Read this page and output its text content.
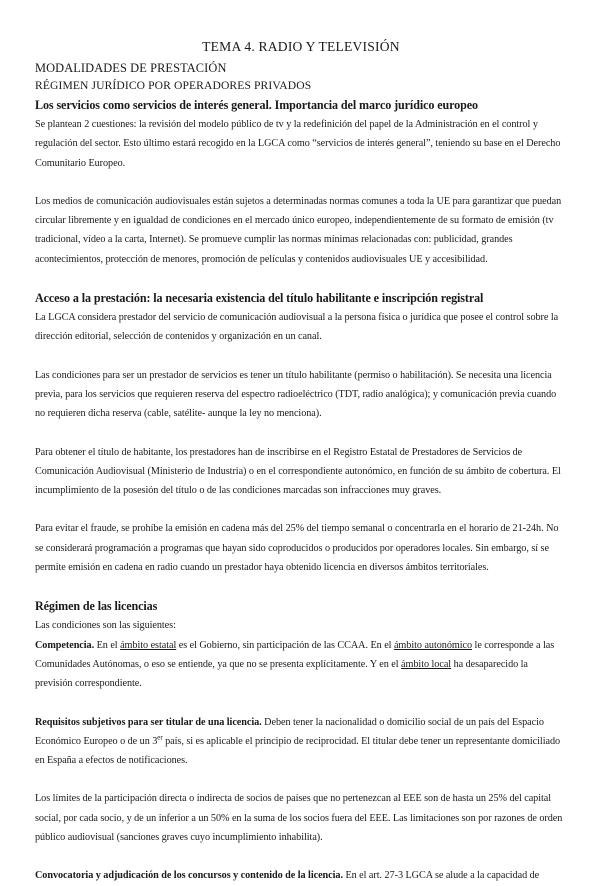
TEMA 4. RADIO Y TELEVISIÓN

MODALIDADES DE PRESTACIÓN

RÉGIMEN JURÍDICO POR OPERADORES PRIVADOS

Los servicios como servicios de interés general. Importancia del marco jurídico europeo

Se plantean 2 cuestiones: la revisión del modelo público de tv y la redefinición del papel de la Administración en el control y regulación del sector. Esto último estará recogido en la LGCA como “servicios de interés general”, teniendo su base en el Derecho Comunitario Europeo.

Los medios de comunicación audiovisuales están sujetos a determinadas normas comunes a toda la UE para garantizar que puedan circular libremente y en igualdad de condiciones en el mercado único europeo, independientemente de su formato de emisión (tv tradicional, vídeo a la carta, Internet). Se promueve cumplir las normas mínimas relacionadas con: publicidad, grandes acontecimientos, protección de menores, promoción de películas y contenidos audiovisuales UE y accesibilidad.

Acceso a la prestación: la necesaria existencia del título habilitante e inscripción registral

La LGCA considera prestador del servicio de comunicación audiovisual a la persona física o jurídica que posee el control sobre la dirección editorial, selección de contenidos y organización en un canal.

Las condiciones para ser un prestador de servicios es tener un título habilitante (permiso o habilitación). Se necesita una licencia previa, para los servicios que requieren reserva del espectro radioeléctrico (TDT, radio analógica); y comunicación previa cuando no requieren dicha reserva (cable, satélite- aunque la ley no menciona).

Para obtener el título de habitante, los prestadores han de inscribirse en el Registro Estatal de Prestadores de Servicios de Comunicación Audiovisual (Ministerio de Industria) o en el correspondiente autonómico, en función de su ámbito de cobertura. El incumplimiento de la posesión del título o de las condiciones marcadas son infracciones muy graves.

Para evitar el fraude, se prohíbe la emisión en cadena más del 25% del tiempo semanal o concentrarla en el horario de 21-24h. No se considerará programación a programas que hayan sido coproducidos o producidos por operadores locales. Sin embargo, sí se permite emisión en cadena en radio cuando un prestador haya obtenido licencia en diversos ámbitos territoriales.

Régimen de las licencias

Las condiciones son las siguientes:

Competencia. En el ámbito estatal es el Gobierno, sin participación de las CCAA. En el ámbito autonómico le corresponde a las Comunidades Autónomas, o eso se entiende, ya que no se presenta explícitamente. Y en el ámbito local ha desaparecido la previsión correspondiente.

Requisitos subjetivos para ser titular de una licencia. Deben tener la nacionalidad o domicilio social de un país del Espacio Económico Europeo o de un 3er país, si es aplicable el principio de reciprocidad. El titular debe tener un representante domiciliado en España a efectos de notificaciones.

Los límites de la participación directa o indirecta de socios de países que no pertenezcan al EEE son de hasta un 25% del capital social, por cada socio, y de un inferior a un 50% en la suma de los socios fuera del EEE. Las limitaciones son por razones de orden público audiovisual (sanciones graves cuyo incumplimiento inhabilita).

Convocatoria y adjudicación de los concursos y contenido de la licencia. En el art. 27-3 LGCA se alude a la capacidad de
